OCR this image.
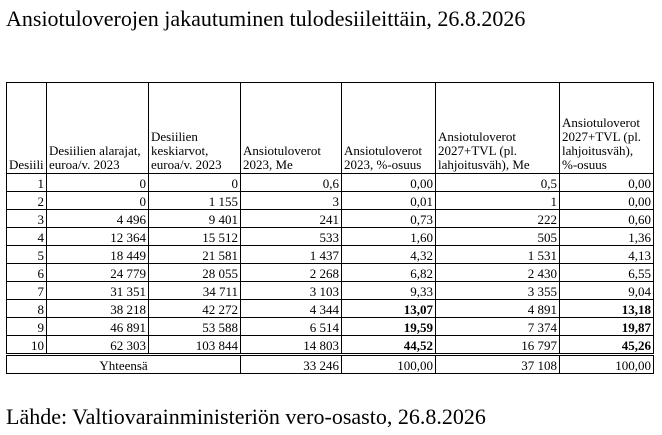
Ansiotuloverojen jakautuminen tulodesiileittäin, 26.8.2026
Desiili	Desiilien alarajat, euroa/v. 2023	Desiilien keskiarvot, euroa/v. 2023	Ansiotuloverot 2023, Me	Ansiotuloverot 2023, %-osuus	Ansiotuloverot 2027+TVL (pl. lahjoitusväh), Me	Ansiotuloverot 2027+TVL (pl. lahjoitusväh), %-osuus
1	0	0	0,6	0,00	0,5	0,00
2	0	1 155	3	0,01	1	0,00
3	4 496	9 401	241	0,73	222	0,60
4	12 364	15 512	533	1,60	505	1,36
5	18 449	21 581	1 437	4,32	1 531	4,13
6	24 779	28 055	2 268	6,82	2 430	6,55
7	31 351	34 711	3 103	9,33	3 355	9,04
8	38 218	42 272	4 344	13,07	4 891	13,18
9	46 891	53 588	6 514	19,59	7 374	19,87
10	62 303	103 844	14 803	44,52	16 797	45,26
Yhteensä			33 246	100,00	37 108	100,00
Lähde: Valtiovarainministeriön vero-osasto, 26.8.2026
